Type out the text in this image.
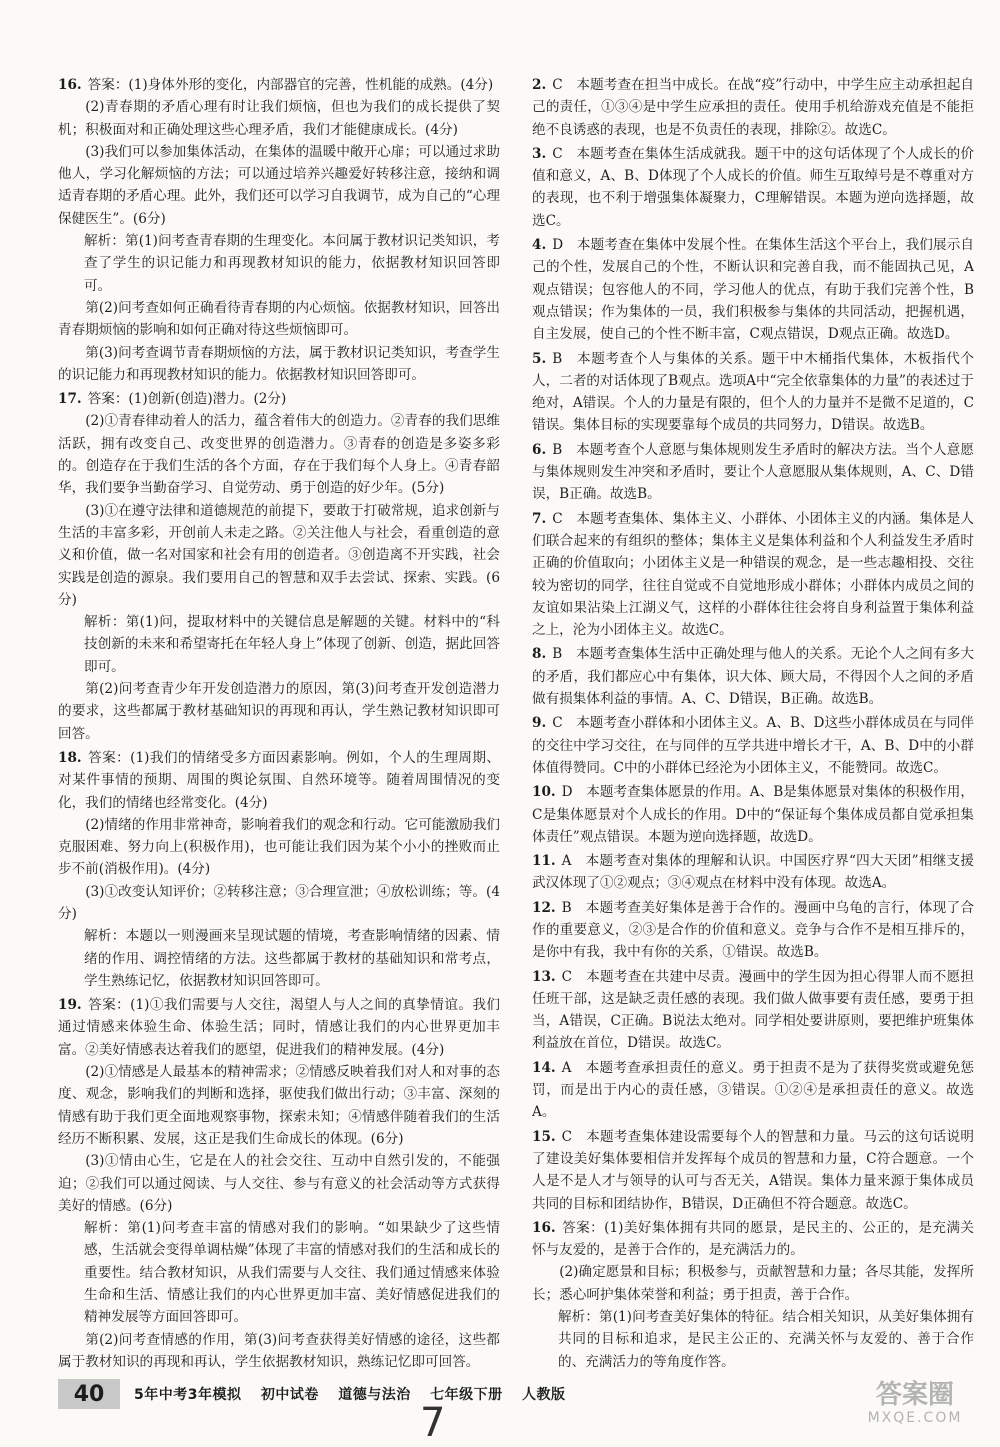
16. 答案：(1)身体外形的变化，内部器官的完善，性机能的成熟。(4分)

(2)青春期的矛盾心理有时让我们烦恼，但也为我们的成长提供了契机；积极面对和正确处理这些心理矛盾，我们才能健康成长。(4分)

(3)我们可以参加集体活动，在集体的温暖中敞开心扉；可以通过求助他人，学习化解烦恼的方法；可以通过培养兴趣爱好转移注意，接纳和调适青春期的矛盾心理。此外，我们还可以学习自我调节，成为自己的“心理保健医生”。(6分)

解析：第(1)问考查青春期的生理变化。本问属于教材识记类知识，考查了学生的识记能力和再现教材知识的能力，依据教材知识回答即可。

第(2)问考查如何正确看待青春期的内心烦恼。依据教材知识，回答出青春期烦恼的影响和如何正确对待这些烦恼即可。

第(3)问考查调节青春期烦恼的方法，属于教材识记类知识，考查学生的识记能力和再现教材知识的能力。依据教材知识回答即可。

17. 答案：(1)创新(创造)潜力。(2分)

(2)①青春律动着人的活力，蕴含着伟大的创造力。②青春的我们思维活跃，拥有改变自己、改变世界的创造潜力。③青春的创造是多姿多彩的。创造存在于我们生活的各个方面，存在于我们每个人身上。④青春韶华，我们要争当勤奋学习、自觉劳动、勇于创造的好少年。(5分)

(3)①在遵守法律和道德规范的前提下，要敢于打破常规，追求创新与生活的丰富多彩，开创前人未走之路。②关注他人与社会，看重创造的意义和价值，做一名对国家和社会有用的创造者。③创造离不开实践，社会实践是创造的源泉。我们要用自己的智慧和双手去尝试、探索、实践。(6分)

解析：第(1)问，提取材料中的关键信息是解题的关键。材料中的“科技创新的未来和希望寄托在年轻人身上”体现了创新、创造，据此回答即可。

第(2)问考查青少年开发创造潜力的原因，第(3)问考查开发创造潜力的要求，这些都属于教材基础知识的再现和再认，学生熟记教材知识即可回答。

18. 答案：(1)我们的情绪受多方面因素影响。例如，个人的生理周期、对某件事情的预期、周围的舆论氛围、自然环境等。随着周围情况的变化，我们的情绪也经常变化。(4分)

(2)情绪的作用非常神奇，影响着我们的观念和行动。它可能激励我们克服困难、努力向上(积极作用)，也可能让我们因为某个小小的挫败而止步不前(消极作用)。(4分)

(3)①改变认知评价；②转移注意；③合理宣泄；④放松训练；等。(4分)

解析：本题以一则漫画来呈现试题的情境，考查影响情绪的因素、情绪的作用、调控情绪的方法。这些都属于教材的基础知识和常考点，学生熟练记忆，依据教材知识回答即可。

19. 答案：(1)①我们需要与人交往，渴望人与人之间的真挚情谊。我们通过情感来体验生命、体验生活；同时，情感让我们的内心世界更加丰富。②美好情感表达着我们的愿望，促进我们的精神发展。(4分)

(2)①情感是人最基本的精神需求；②情感反映着我们对人和对事的态度、观念，影响我们的判断和选择，驱使我们做出行动；③丰富、深刻的情感有助于我们更全面地观察事物，探索未知；④情感伴随着我们的生活经历不断积累、发展，这正是我们生命成长的体现。(6分)

(3)①情由心生，它是在人的社会交往、互动中自然引发的，不能强迫；②我们可以通过阅读、与人交往、参与有意义的社会活动等方式获得美好的情感。(6分)

解析：第(1)问考查丰富的情感对我们的影响。“如果缺少了这些情感，生活就会变得单调枯燥”体现了丰富的情感对我们的生活和成长的重要性。结合教材知识，从我们需要与人交往、我们通过情感来体验生命和生活、情感让我们的内心世界更加丰富、美好情感促进我们的精神发展等方面回答即可。

第(2)问考查情感的作用，第(3)问考查获得美好情感的途径，这些都属于教材知识的再现和再认，学生依据教材知识，熟练记忆即可回答。

2. C　本题考查在担当中成长。在战“疫”行动中，中学生应主动承担起自己的责任，①③④是中学生应承担的责任。使用手机给游戏充值是不能拒绝不良诱惑的表现，也是不负责任的表现，排除②。故选C。

3. C　本题考查在集体生活成就我。题干中的这句话体现了个人成长的价值和意义，A、B、D体现了个人成长的价值。师生互取绰号是不尊重对方的表现，也不利于增强集体凝聚力，C理解错误。本题为逆向选择题，故选C。

4. D　本题考查在集体中发展个性。在集体生活这个平台上，我们展示自己的个性，发展自己的个性，不断认识和完善自我，而不能固执己见，A观点错误；包容他人的不同，学习他人的优点，有助于我们完善个性，B观点错误；作为集体的一员，我们积极参与集体的共同活动，把握机遇，自主发展，使自己的个性不断丰富，C观点错误，D观点正确。故选D。

5. B　本题考查个人与集体的关系。题干中木桶指代集体，木板指代个人，二者的对话体现了B观点。选项A中“完全依靠集体的力量”的表述过于绝对，A错误。个人的力量是有限的，但个人的力量并不是微不足道的，C错误。集体目标的实现要靠每个成员的共同努力，D错误。故选B。

6. B　本题考查个人意愿与集体规则发生矛盾时的解决方法。当个人意愿与集体规则发生冲突和矛盾时，要让个人意愿服从集体规则，A、C、D错误，B正确。故选B。

7. C　本题考查集体、集体主义、小群体、小团体主义的内涵。集体是人们联合起来的有组织的整体；集体主义是集体利益和个人利益发生矛盾时正确的价值取向；小团体主义是一种错误的观念，是一些志趣相投、交往较为密切的同学，往往自觉或不自觉地形成小群体；小群体内成员之间的友谊如果沾染上江湖义气，这样的小群体往往会将自身利益置于集体利益之上，沦为小团体主义。故选C。

8. B　本题考查集体生活中正确处理与他人的关系。无论个人之间有多大的矛盾，我们都应心中有集体，识大体、顾大局，不得因个人之间的矛盾做有损集体利益的事情。A、C、D错误，B正确。故选B。

9. C　本题考查小群体和小团体主义。A、B、D这些小群体成员在与同伴的交往中学习交往，在与同伴的互学共进中增长才干，A、B、D中的小群体值得赞同。C中的小群体已经沦为小团体主义，不能赞同。故选C。

10. D　本题考查集体愿景的作用。A、B是集体愿景对集体的积极作用，C是集体愿景对个人成长的作用。D中的“保证每个集体成员都自觉承担集体责任”观点错误。本题为逆向选择题，故选D。

11. A　本题考查对集体的理解和认识。中国医疗界“四大天团”相继支援武汉体现了①②观点；③④观点在材料中没有体现。故选A。

12. B　本题考查美好集体是善于合作的。漫画中乌龟的言行，体现了合作的重要意义，②③是合作的价值和意义。竞争与合作不是相互排斥的，是你中有我，我中有你的关系，①错误。故选B。

13. C　本题考查在共建中尽责。漫画中的学生因为担心得罪人而不愿担任班干部，这是缺乏责任感的表现。我们做人做事要有责任感，要勇于担当，A错误，C正确。B说法太绝对。同学相处要讲原则，要把维护班集体利益放在首位，D错误。故选C。

14. A　本题考查承担责任的意义。勇于担责不是为了获得奖赏或避免惩罚，而是出于内心的责任感，③错误。①②④是承担责任的意义。故选A。

15. C　本题考查集体建设需要每个人的智慧和力量。马云的这句话说明了建设美好集体要相信并发挥每个成员的智慧和力量，C符合题意。一个人是不是人才与领导的认可与否无关，A错误。集体力量来源于集体成员共同的目标和团结协作，B错误，D正确但不符合题意。故选C。

16. 答案：(1)美好集体拥有共同的愿景，是民主的、公正的，是充满关怀与友爱的，是善于合作的，是充满活力的。

(2)确定愿景和目标；积极参与，贡献智慧和力量；各尽其能，发挥所长；悉心呵护集体荣誉和利益；勇于担责，善于合作。

解析：第(1)问考查美好集体的特征。结合相关知识，从美好集体拥有共同的目标和追求，是民主公正的、充满关怀与友爱的、善于合作的、充满活力的等角度作答。

40	5年中考3年模拟 初中试卷 道德与法治 七年级下册 人教版
7
答案圈
MXQE.COM
